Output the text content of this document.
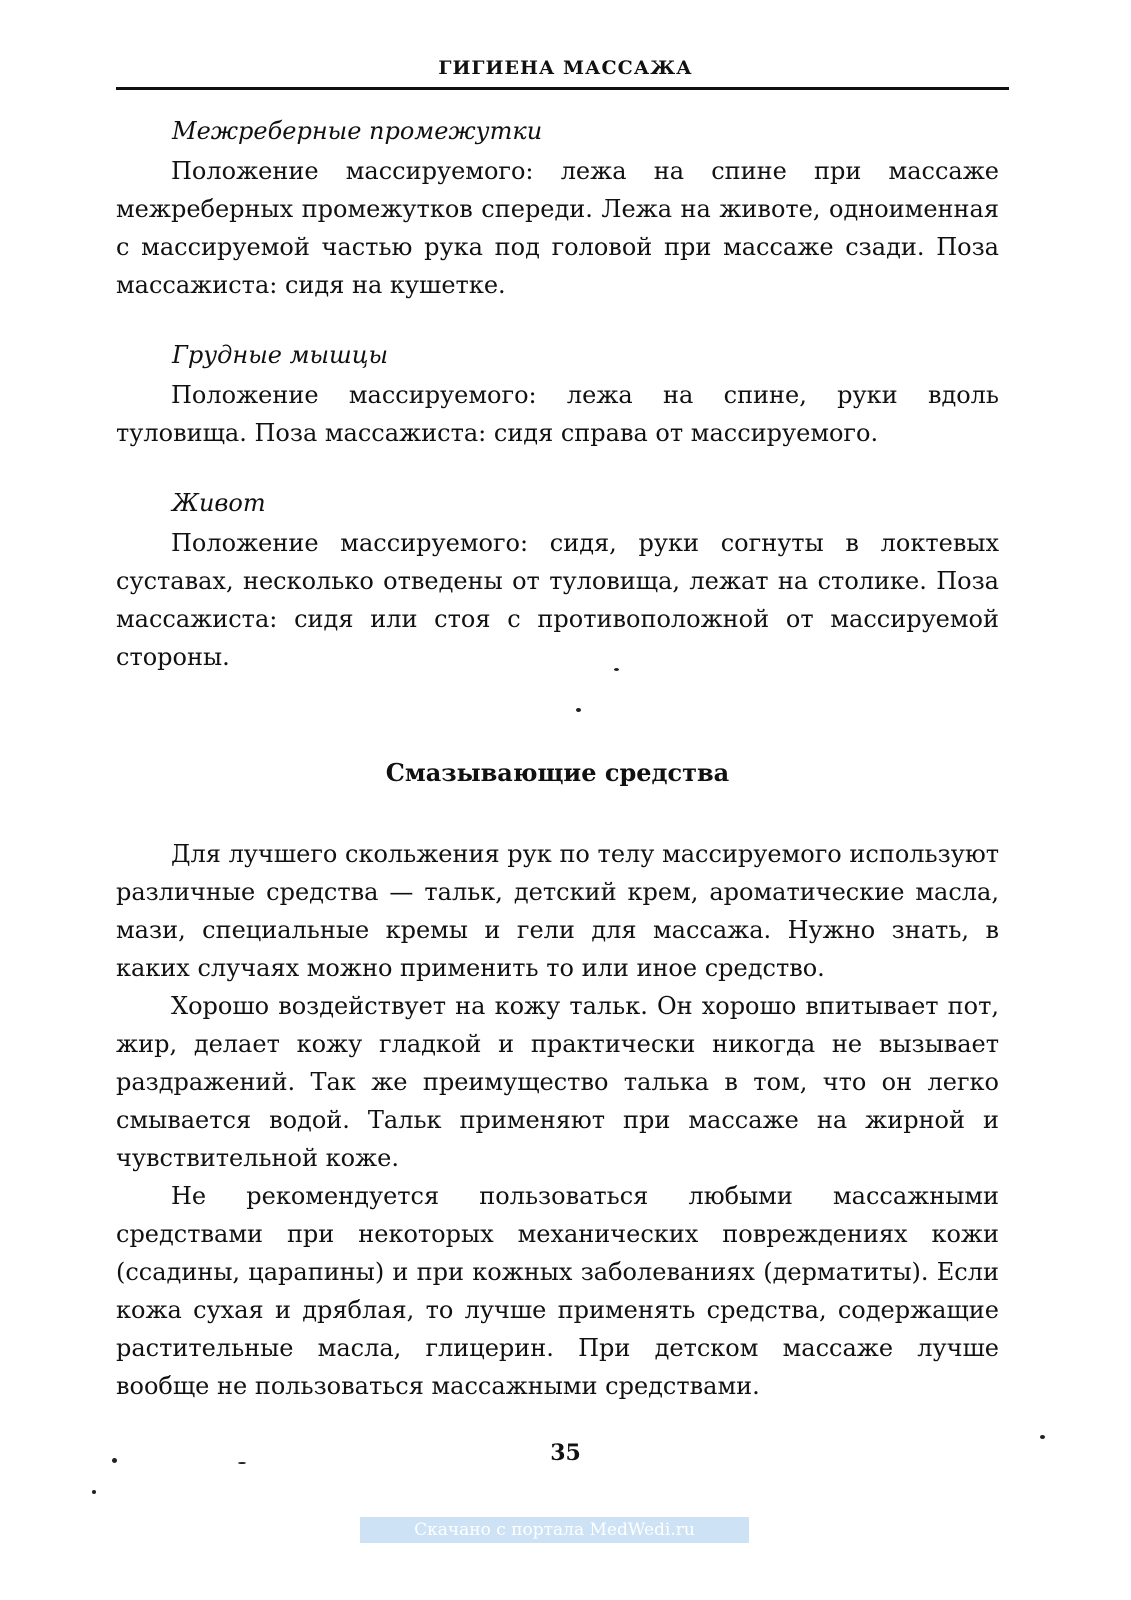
ГИГИЕНА МАССАЖА
Межреберные промежутки

Положение массируемого: лежа на спине при массаже межреберных промежутков спереди. Лежа на животе, одноименная с массируемой частью рука под головой при массаже сзади. Поза массажиста: сидя на кушетке.

Грудные мышцы

Положение массируемого: лежа на спине, руки вдоль туловища. Поза массажиста: сидя справа от массируемого.

Живот

Положение массируемого: сидя, руки согнуты в локтевых суставах, несколько отведены от туловища, лежат на столике. Поза массажиста: сидя или стоя с противоположной от массируемой стороны.

Смазывающие средства

Для лучшего скольжения рук по телу массируемого используют различные средства — тальк, детский крем, ароматические масла, мази, специальные кремы и гели для массажа. Нужно знать, в каких случаях можно применить то или иное средство.

Хорошо воздействует на кожу тальк. Он хорошо впитывает пот, жир, делает кожу гладкой и практически никогда не вызывает раздражений. Так же преимущество талька в том, что он легко смывается водой. Тальк применяют при массаже на жирной и чувствительной коже.

Не рекомендуется пользоваться любыми массажными средствами при некоторых механических повреждениях кожи (ссадины, царапины) и при кожных заболеваниях (дерматиты). Если кожа сухая и дряблая, то лучше применять средства, содержащие растительные масла, глицерин. При детском массаже лучше вообще не пользоваться массажными средствами.

35
Скачано с портала MedWedi.ru
